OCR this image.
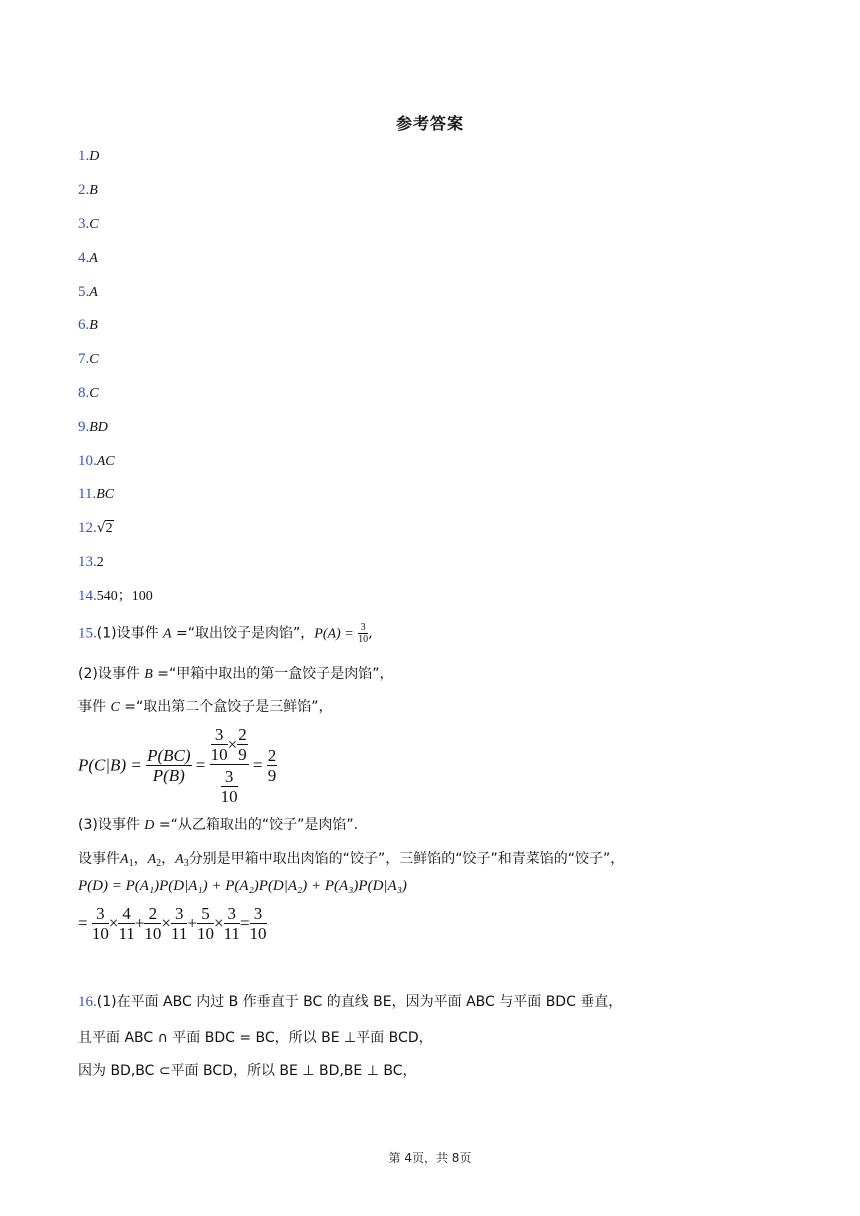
参考答案
1.D
2.B
3.C
4.A
5.A
6.B
7.C
8.C
9.BD
10.AC
11.BC
12.√2
13.2
14.540；100
15.(1)设事件 A =“取出饺子是肉馅”，$P(A) = \frac{3}{10}$ ,
(2)设事件 B =“甲箱中取出的第一盒饺子是肉馅”，
事件 C =“取出第二个盒饺子是三鲜馅”，
$P(C|B) = \frac{P(BC)}{P(B)} = \frac{\frac{3}{10} \times \frac{2}{9}}{\frac{3}{10}} = \frac{2}{9}$
(3)设事件 D =“从乙箱取出的“饺子”是肉馅”.
设事件$A_1$，$A_2$，$A_3$分别是甲箱中取出肉馅的“饺子”，三鲜馅的“饺子”和青菜馅的“饺子”，
P(D) = P(A₁)P(D|A₁) + P(A₂)P(D|A₂) + P(A₃)P(D|A₃)
= $\frac{3}{10} \times \frac{4}{11} + \frac{2}{10} \times \frac{3}{11} + \frac{5}{10} \times \frac{3}{11} = \frac{3}{10}$
16.(1)在平面 ABC 内过 B 作垂直于 BC 的直线 BE，因为平面 ABC 与平面 BDC 垂直，
且平面 ABC ∩ 平面 BDC = BC，所以 BE ⊥平面 BCD，
因为 BD,BC ⊂平面 BCD，所以 BE ⊥ BD,BE ⊥ BC，
第 4页，共 8页
